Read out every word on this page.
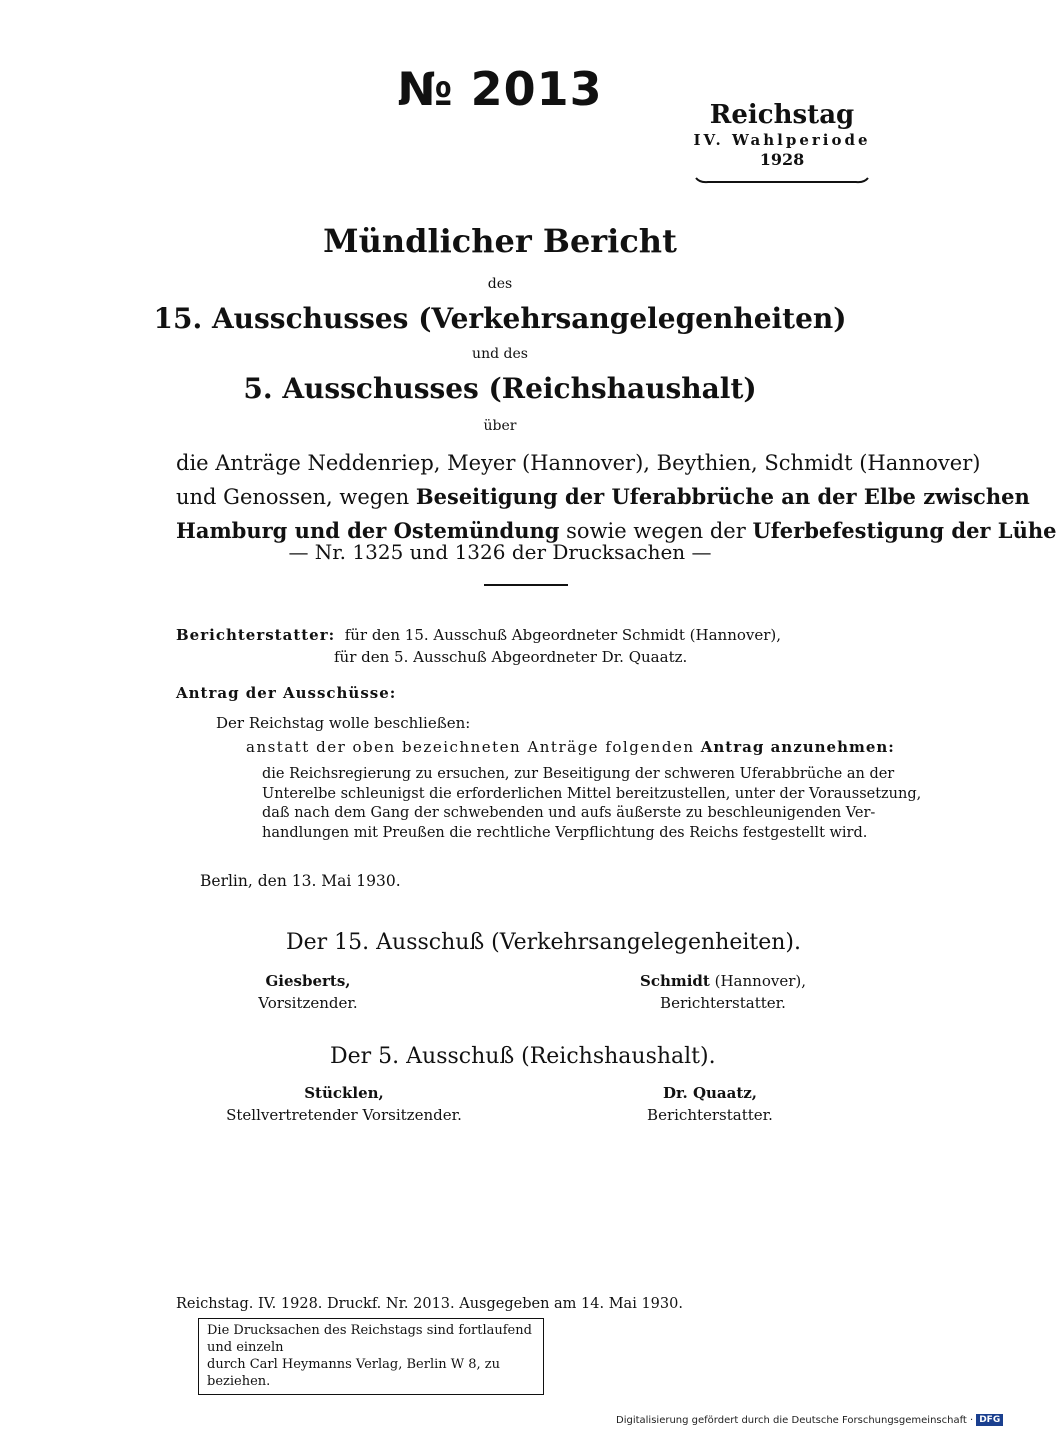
№ 2013	Reichstag
IV. Wahlperiode
1928
Mündlicher Bericht
des
15. Ausschusses (Verkehrsangelegenheiten)
und des
5. Ausschusses (Reichshaushalt)
über
die Anträge Neddenriep, Meyer (Hannover), Beythien, Schmidt (Hannover)
und Genossen, wegen Beseitigung der Uferabbrüche an der Elbe zwischen
Hamburg und der Ostemündung sowie wegen der Uferbefestigung der Lühe
— Nr. 1325 und 1326 der Drucksachen —
Berichterstatter: für den 15. Ausschuß Abgeordneter Schmidt (Hannover),
für den 5. Ausschuß Abgeordneter Dr. Quaatz.
Antrag der Ausschüsse:
Der Reichstag wolle beschließen:
anstatt der oben bezeichneten Anträge folgenden Antrag anzunehmen:
die Reichsregierung zu ersuchen, zur Beseitigung der schweren Uferabbrüche an der
Unterelbe schleunigst die erforderlichen Mittel bereitzustellen, unter der Voraussetzung,
daß nach dem Gang der schwebenden und aufs äußerste zu beschleunigenden Ver-
handlungen mit Preußen die rechtliche Verpflichtung des Reichs festgestellt wird.
Berlin, den 13. Mai 1930.
Der 15. Ausschuß (Verkehrsangelegenheiten).
Giesberts,
Vorsitzender.
Schmidt (Hannover),
Berichterstatter.
Der 5. Ausschuß (Reichshaushalt).
Stücklen,
Stellvertretender Vorsitzender.
Dr. Quaatz,
Berichterstatter.
Reichstag. IV. 1928. Druckf. Nr. 2013. Ausgegeben am 14. Mai 1930.
Die Drucksachen des Reichstags sind fortlaufend und einzeln
durch Carl Heymanns Verlag, Berlin W 8, zu beziehen.
Digitalisierung gefördert durch die Deutsche Forschungsgemeinschaft · DFG
